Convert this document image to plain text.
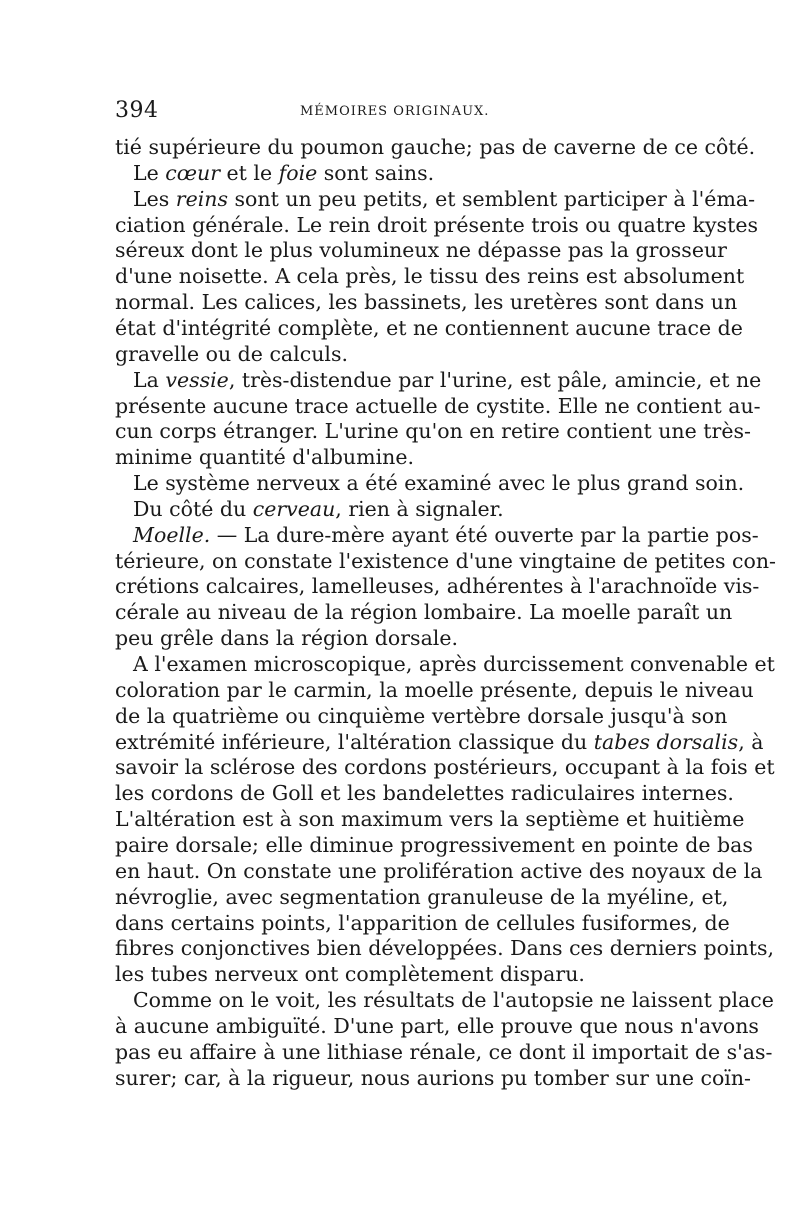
394	MÉMOIRES ORIGINAUX.
tié supérieure du poumon gauche; pas de caverne de ce côté.
Le cœur et le foie sont sains.
Les reins sont un peu petits, et semblent participer à l'éma-
ciation générale. Le rein droit présente trois ou quatre kystes
séreux dont le plus volumineux ne dépasse pas la grosseur
d'une noisette. A cela près, le tissu des reins est absolument
normal. Les calices, les bassinets, les uretères sont dans un
état d'intégrité complète, et ne contiennent aucune trace de
gravelle ou de calculs.
La vessie, très-distendue par l'urine, est pâle, amincie, et ne
présente aucune trace actuelle de cystite. Elle ne contient au-
cun corps étranger. L'urine qu'on en retire contient une très-
minime quantité d'albumine.
Le système nerveux a été examiné avec le plus grand soin.
Du côté du cerveau, rien à signaler.
Moelle. — La dure-mère ayant été ouverte par la partie pos-
térieure, on constate l'existence d'une vingtaine de petites con-
crétions calcaires, lamelleuses, adhérentes à l'arachnoïde vis-
cérale au niveau de la région lombaire. La moelle paraît un
peu grêle dans la région dorsale.
A l'examen microscopique, après durcissement convenable et
coloration par le carmin, la moelle présente, depuis le niveau
de la quatrième ou cinquième vertèbre dorsale jusqu'à son
extrémité inférieure, l'altération classique du tabes dorsalis, à
savoir la sclérose des cordons postérieurs, occupant à la fois et
les cordons de Goll et les bandelettes radiculaires internes.
L'altération est à son maximum vers la septième et huitième
paire dorsale; elle diminue progressivement en pointe de bas
en haut. On constate une prolifération active des noyaux de la
névroglie, avec segmentation granuleuse de la myéline, et,
dans certains points, l'apparition de cellules fusiformes, de
fibres conjonctives bien développées. Dans ces derniers points,
les tubes nerveux ont complètement disparu.
Comme on le voit, les résultats de l'autopsie ne laissent place
à aucune ambiguïté. D'une part, elle prouve que nous n'avons
pas eu affaire à une lithiase rénale, ce dont il importait de s'as-
surer; car, à la rigueur, nous aurions pu tomber sur une coïn-
